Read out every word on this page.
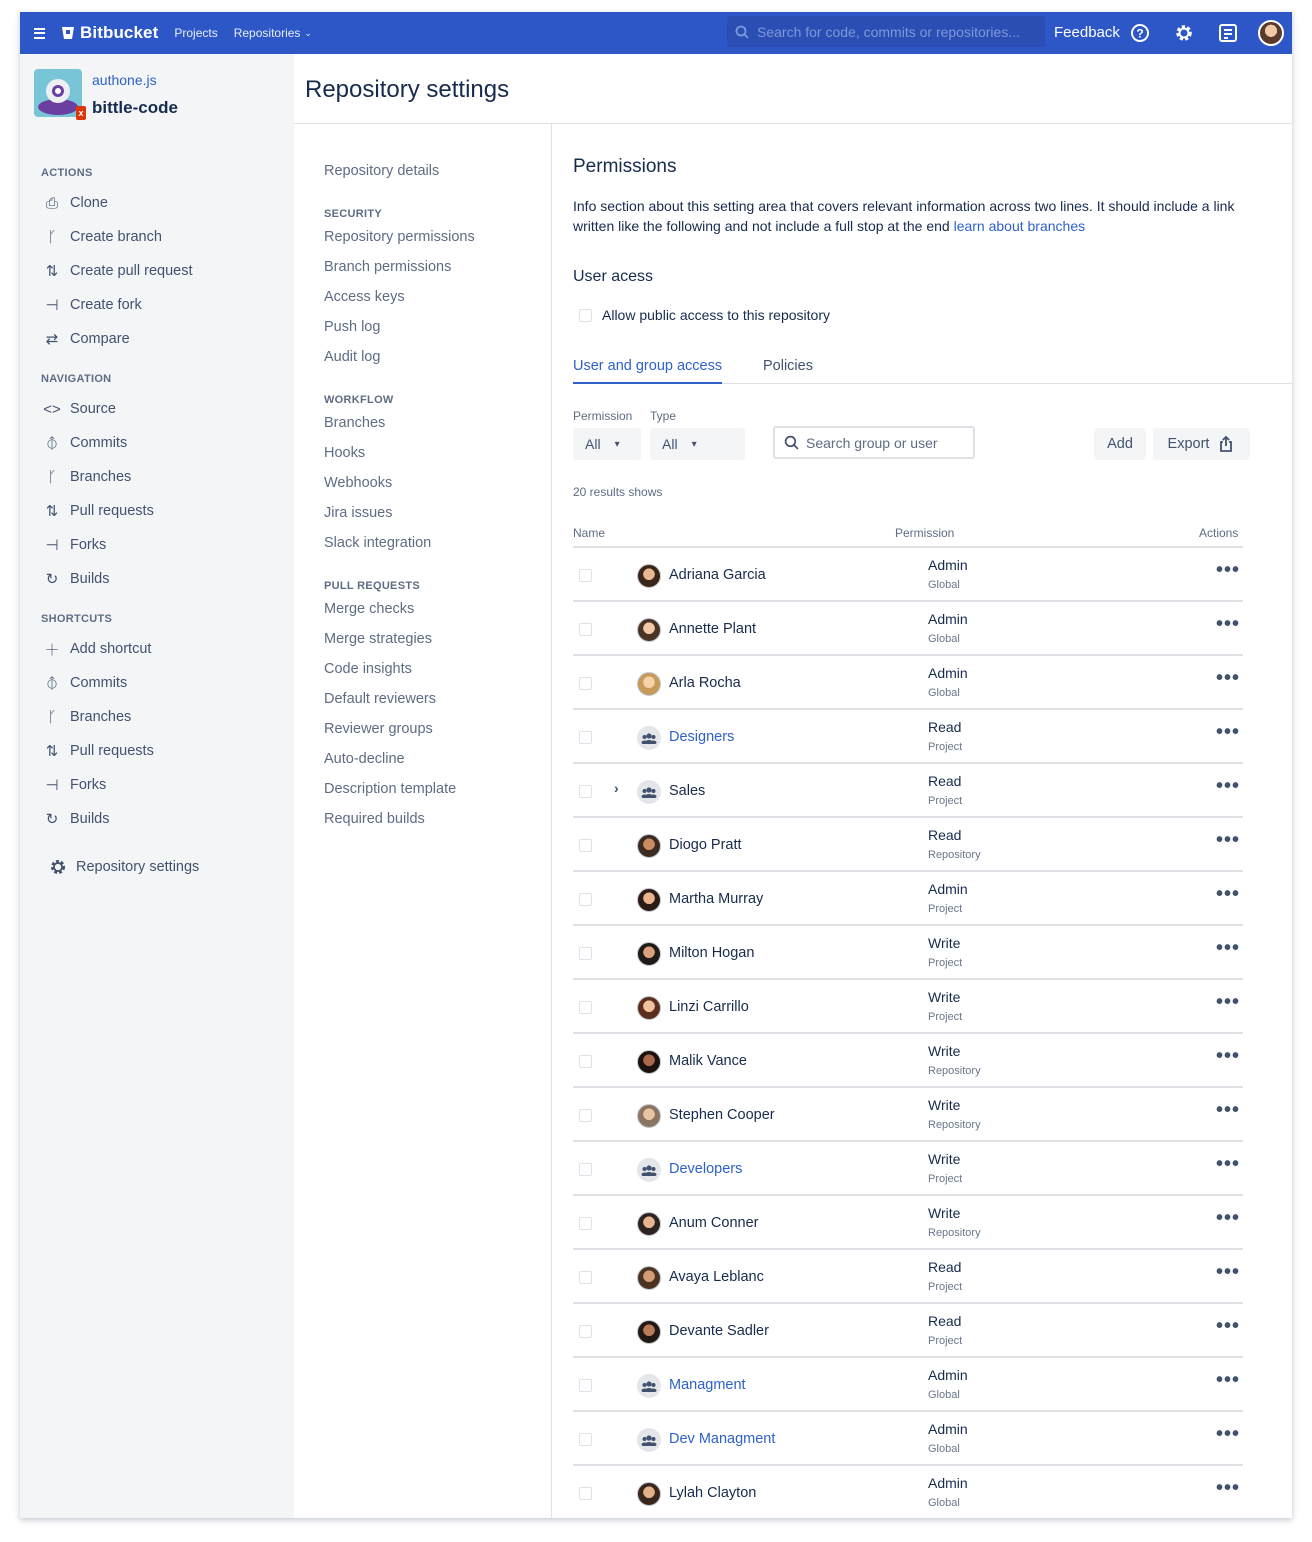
Bitbucket Projects Repositories ⌄	Search for code, commits or repositories... Feedback ?
x
authone.js
bittle-code
ACTIONS
⎙ Clone
ᚴ Create branch
⇅ Create pull request
⊣ Create fork
⇄ Compare
NAVIGATION
<> Source
⦽ Commits
ᚴ Branches
⇅ Pull requests
⊣ Forks
↻ Builds
SHORTCUTS
＋ Add shortcut
⦽ Commits
ᚴ Branches
⇅ Pull requests
⊣ Forks
↻ Builds
Repository settings
Repository settings
Repository details
SECURITY
Repository permissions
Branch permissions
Access keys
Push log
Audit log
WORKFLOW
Branches
Hooks
Webhooks
Jira issues
Slack integration
PULL REQUESTS
Merge checks
Merge strategies
Code insights
Default reviewers
Reviewer groups
Auto-decline
Description template
Required builds
Permissions

Info section about this setting area that covers relevant information across two lines. It should include a link written like the following and not include a full stop at the end learn about branches

User acess
Allow public access to this repository
User and group access	Policies
Permission Type
All ▾	All ▾	Search group or user	Add	Export
20 results shows
Name	Permission	Actions
Adriana Garcia
Admin
Global
•••
Annette Plant
Admin
Global
•••
Arla Rocha
Admin
Global
•••
Designers
Read
Project
•••
›	Sales
Read
Project
•••
Diogo Pratt
Read
Repository
•••
Martha Murray
Admin
Project
•••
Milton Hogan
Write
Project
•••
Linzi Carrillo
Write
Project
•••
Malik Vance
Write
Repository
•••
Stephen Cooper
Write
Repository
•••
Developers
Write
Project
•••
Anum Conner
Write
Repository
•••
Avaya Leblanc
Read
Project
•••
Devante Sadler
Read
Project
•••
Managment
Admin
Global
•••
Dev Managment
Admin
Global
•••
Lylah Clayton
Admin
Global
•••
